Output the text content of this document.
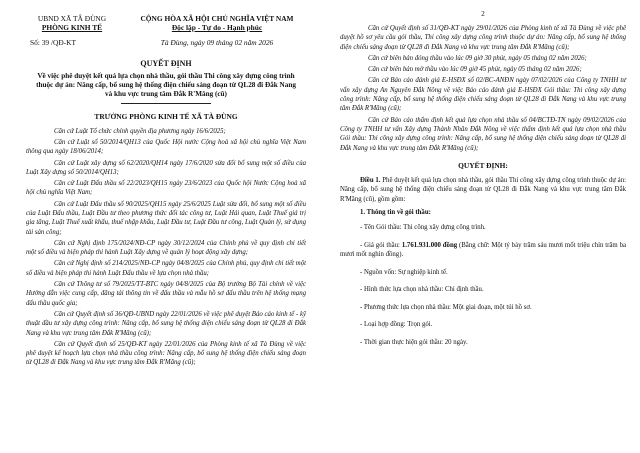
UBND XÃ TÂ ĐÙNG
PHÒNG KINH TẾ
CỘNG HÒA XÃ HỘI CHỦ NGHĨA VIỆT NAM
Độc lập - Tự do - Hạnh phúc
Số: 39 /QĐ-KT	Tà Đùng, ngày 09 tháng 02 năm 2026
QUYẾT ĐỊNH
Về việc phê duyệt kết quả lựa chọn nhà thầu, gói thầu Thi công xây dựng công trình thuộc dự án: Nâng cấp, bổ sung hệ thống điện chiếu sáng đoạn từ QL28 đi Đắk Nang và khu vực trung tâm Đắk R'Măng (cũ)
TRƯỞNG PHÒNG KINH TẾ XÃ TÀ ĐÙNG

Căn cứ Luật Tổ chức chính quyền địa phương ngày 16/6/2025;

Căn cứ Luật số 50/2014/QH13 của Quốc Hội nước Cộng hoà xã hội chủ nghĩa Việt Nam thông qua ngày 18/06/2014;

Căn cứ Luật xây dựng số 62/2020/QH14 ngày 17/6/2020 sửa đổi bổ sung một số điều của Luật Xây dựng số 50/2014/QH13;

Căn cứ Luật Đấu thầu số 22/2023/QH15 ngày 23/6/2023 của Quốc hội Nước Cộng hoà xã hội chủ nghĩa Việt Nam;

Căn cứ Luật Đấu thầu số 90/2025/QH15 ngày 25/6/2025 Luật sửa đổi, bổ sung một số điều của Luật Đấu thầu, Luật Đầu tư theo phương thức đối tác công tư, Luật Hải quan, Luật Thuế giá trị gia tăng, Luật Thuế xuất khẩu, thuế nhập khẩu, Luật Đầu tư, Luật Đầu tư công, Luật Quản lý, sử dụng tài sản công;

Căn cứ Nghị định 175/2024/NĐ-CP ngày 30/12/2024 của Chính phủ về quy định chi tiết một số điều và biện pháp thi hành Luật Xây dựng về quản lý hoạt động xây dựng;

Căn cứ Nghị định số 214/2025/NĐ-CP ngày 04/8/2025 của Chính phủ, quy định chi tiết một số điều và biện pháp thi hành Luật Đấu thầu về lựa chọn nhà thầu;

Căn cứ Thông tư số 79/2025/TT-BTC ngày 04/8/2025 của Bộ trưởng Bộ Tài chính về việc Hướng dẫn việc cung cấp, đăng tải thông tin về đấu thầu và mẫu hồ sơ đấu thầu trên hệ thống mạng đấu thầu quốc gia;

Căn cứ Quyết định số 36/QĐ-UBND ngày 22/01/2026 về việc phê duyệt Báo cáo kinh tế - kỹ thuật đầu tư xây dựng công trình: Nâng cấp, bổ sung hệ thống điện chiếu sáng đoạn từ QL28 đi Đắk Nang và khu vực trung tâm Đắk R'Măng (cũ);

Căn cứ Quyết định số 25/QĐ-KT ngày 22/01/2026 của Phòng kinh tế xã Tà Đùng về việc phê duyệt kế hoạch lựa chọn nhà thầu công trình: Nâng cấp, bổ sung hệ thống điện chiếu sáng đoạn từ QL28 đi Đắk Nang và khu vực trung tâm Đắk R'Măng (cũ);

2

Căn cứ Quyết định số 31/QĐ-KT ngày 29/01/2026 của Phòng kinh tế xã Tà Đùng về việc phê duyệt hồ sơ yêu cầu gói thầu, Thi công xây dựng công trình thuộc dự án: Nâng cấp, bổ sung hệ thống điện chiếu sáng đoạn từ QL28 đi Đắk Nang và khu vực trung tâm Đắk R'Măng (cũ);

Căn cứ biên bản đóng thầu vào lúc 09 giờ 30 phút, ngày 05 tháng 02 năm 2026;

Căn cứ biên bản mở thầu vào lúc 09 giờ 45 phút, ngày 05 tháng 02 năm 2026;

Căn cứ Báo cáo đánh giá E-HSĐX số 02/BC-ANĐN ngày 07/02/2026 của Công ty TNHH tư vấn xây dựng An Nguyên Đắk Nông về việc Báo cáo đánh giá E-HSĐX Gói thầu: Thi công xây dựng công trình: Nâng cấp, bổ sung hệ thống điện chiếu sáng đoạn từ QL28 đi Đắk Nang và khu vực trung tâm Đắk R'Măng (cũ);

Căn cứ Báo cáo thẩm định kết quả lựa chọn nhà thầu số 04/BCTĐ-TN ngày 09/02/2026 của Công ty TNHH tư vấn Xây dựng Thành Nhân Đắk Nông về việc thẩm định kết quả lựa chọn nhà thầu Gói thầu: Thi công xây dựng công trình: Nâng cấp, bổ sung hệ thống điện chiếu sáng đoạn từ QL28 đi Đắk Nang và khu vực trung tâm Đắk R'Măng (cũ);

QUYẾT ĐỊNH:

Điều 1. Phê duyệt kết quả lựa chọn nhà thầu, gói thầu Thi công xây dựng công trình thuộc dự án: Nâng cấp, bổ sung hệ thống điện chiếu sáng đoạn từ QL28 đi Đắk Nang và khu vực trung tâm Đắk R'Măng (cũ), gồm gồm:

1. Thông tin về gói thầu:

- Tên Gói thầu: Thi công xây dựng công trình.

- Giá gói thầu: 1.761.931.000 đồng (Bằng chữ: Một tỷ bảy trăm sáu mươi mốt triệu chín trăm ba mươi mốt nghìn đồng).

- Nguồn vốn: Sự nghiệp kinh tế.

- Hình thức lựa chọn nhà thầu: Chỉ định thầu.

- Phương thức lựa chọn nhà thầu: Một giai đoạn, một túi hồ sơ.

- Loại hợp đồng: Trọn gói.

- Thời gian thực hiện gói thầu: 20 ngày.
